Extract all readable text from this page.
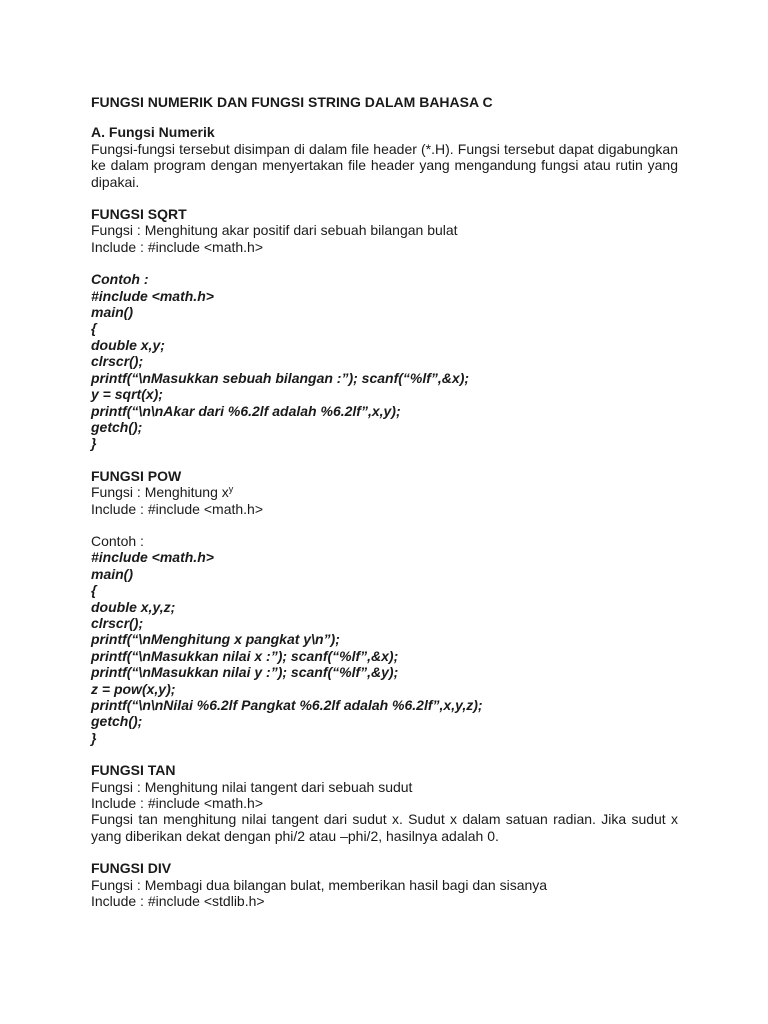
FUNGSI NUMERIK DAN FUNGSI STRING DALAM BAHASA C
A. Fungsi Numerik
Fungsi-fungsi tersebut disimpan di dalam file header (*.H). Fungsi tersebut dapat digabungkan ke dalam program dengan menyertakan file header yang mengandung fungsi atau rutin yang dipakai.
FUNGSI SQRT
Fungsi : Menghitung akar positif dari sebuah bilangan bulat
Include : #include <math.h>
Contoh :
#include <math.h>
main()
{
double x,y;
clrscr();
printf(“\nMasukkan sebuah bilangan :”); scanf(“%lf”,&x);
y = sqrt(x);
printf(“\n\nAkar dari %6.2lf adalah %6.2lf”,x,y);
getch();
}
FUNGSI POW
Fungsi : Menghitung $x^y$
Include : #include <math.h>
Contoh :
#include <math.h>
main()
{
double x,y,z;
clrscr();
printf(“\nMenghitung x pangkat y\n”);
printf(“\nMasukkan nilai x :”); scanf(“%lf”,&x);
printf(“\nMasukkan nilai y :”); scanf(“%lf”,&y);
z = pow(x,y);
printf(“\n\nNilai %6.2lf Pangkat %6.2lf adalah %6.2lf”,x,y,z);
getch();
}
FUNGSI TAN
Fungsi : Menghitung nilai tangent dari sebuah sudut
Include : #include <math.h>
Fungsi tan menghitung nilai tangent dari sudut x. Sudut x dalam satuan radian. Jika sudut x yang diberikan dekat dengan phi/2 atau –phi/2, hasilnya adalah 0.
FUNGSI DIV
Fungsi : Membagi dua bilangan bulat, memberikan hasil bagi dan sisanya
Include : #include <stdlib.h>
